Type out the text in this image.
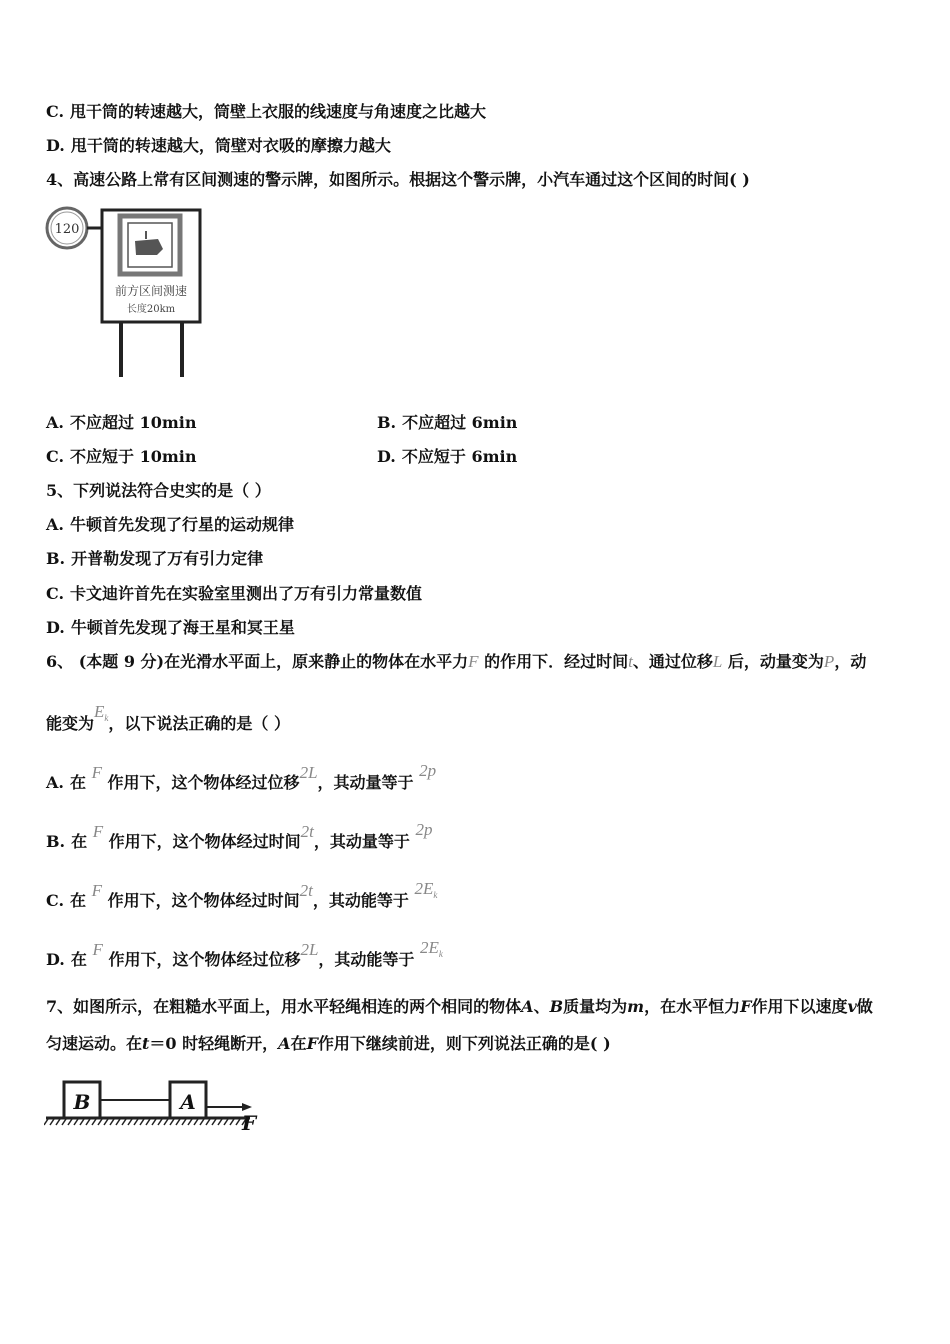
C. 甩干筒的转速越大，筒壁上衣服的线速度与角速度之比越大
D. 甩干筒的转速越大，筒壁对衣吸的摩擦力越大
4、高速公路上常有区间测速的警示牌，如图所示。根据这个警示牌，小汽车通过这个区间的时间( )
120
前方区间测速
长度20km
A. 不应超过 10min	B. 不应超过 6min
C. 不应短于 10min	D. 不应短于 6min
5、下列说法符合史实的是（ ）
A. 牛顿首先发现了行星的运动规律
B. 开普勒发现了万有引力定律
C. 卡文迪许首先在实验室里测出了万有引力常量数值
D. 牛顿首先发现了海王星和冥王星
6、 (本题 9 分)在光滑水平面上，原来静止的物体在水平力F 的作用下．经过时间t、通过位移L 后，动量变为P，动
能变为$E_k$，以下说法正确的是（ ）
A. 在 F 作用下，这个物体经过位移2L，其动量等于 2p
B. 在 F 作用下，这个物体经过时间2t，其动量等于 2p
C. 在 F 作用下，这个物体经过时间2t，其动能等于 $2E_k$
D. 在 F 作用下，这个物体经过位移2L，其动能等于 $2E_k$
7、如图所示，在粗糙水平面上，用水平轻绳相连的两个相同的物体A、B质量均为m，在水平恒力F作用下以速度v做
匀速运动。在t＝0 时轻绳断开，A在F作用下继续前进，则下列说法正确的是( )
B	A
F
